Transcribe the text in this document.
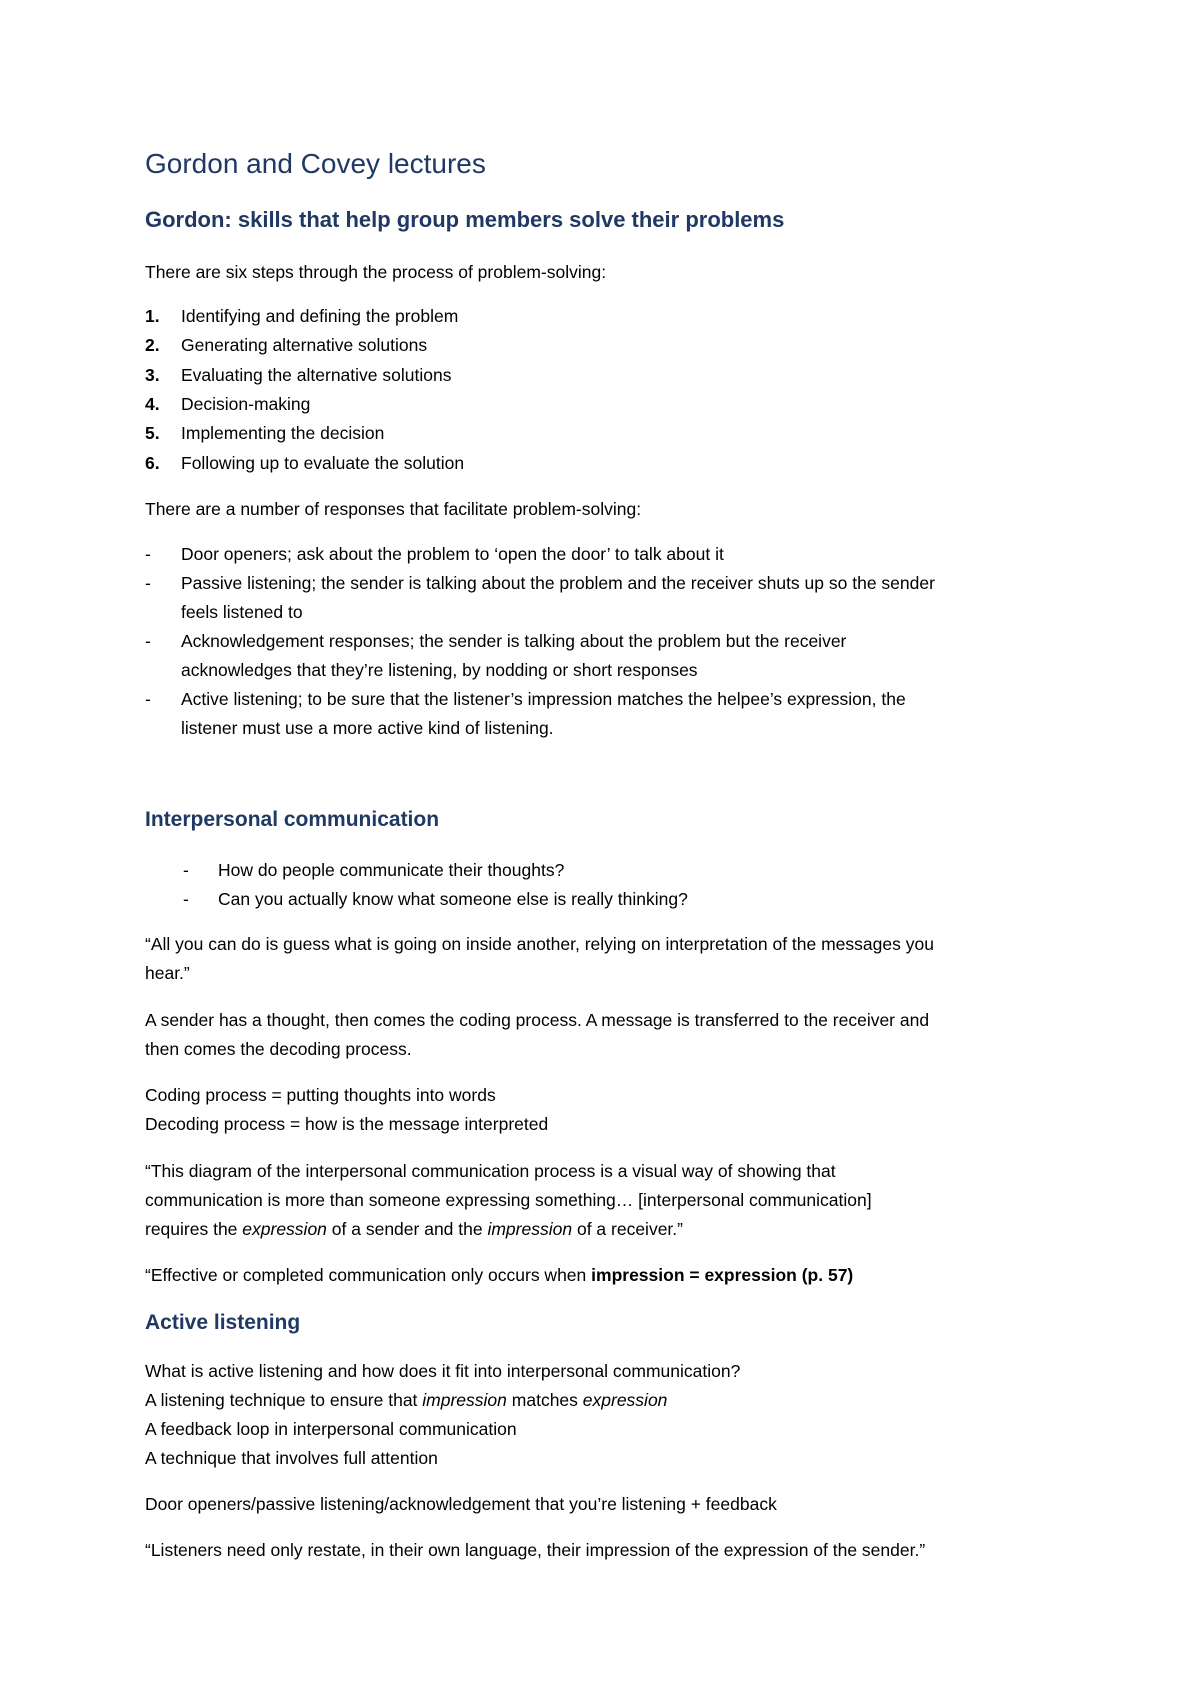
Gordon and Covey lectures
Gordon: skills that help group members solve their problems
There are six steps through the process of problem-solving:
1. Identifying and defining the problem
2. Generating alternative solutions
3. Evaluating the alternative solutions
4. Decision-making
5. Implementing the decision
6. Following up to evaluate the solution
There are a number of responses that facilitate problem-solving:
- Door openers; ask about the problem to ‘open the door’ to talk about it
- Passive listening; the sender is talking about the problem and the receiver shuts up so the sender
feels listened to
- Acknowledgement responses; the sender is talking about the problem but the receiver
acknowledges that they’re listening, by nodding or short responses
- Active listening; to be sure that the listener’s impression matches the helpee’s expression, the
listener must use a more active kind of listening.
Interpersonal communication
- How do people communicate their thoughts?
- Can you actually know what someone else is really thinking?
“All you can do is guess what is going on inside another, relying on interpretation of the messages you
hear.”
A sender has a thought, then comes the coding process. A message is transferred to the receiver and
then comes the decoding process.
Coding process = putting thoughts into words
Decoding process = how is the message interpreted
“This diagram of the interpersonal communication process is a visual way of showing that
communication is more than someone expressing something… [interpersonal communication]
requires the expression of a sender and the impression of a receiver.”
“Effective or completed communication only occurs when impression = expression (p. 57)
Active listening
What is active listening and how does it fit into interpersonal communication?
A listening technique to ensure that impression matches expression
A feedback loop in interpersonal communication
A technique that involves full attention
Door openers/passive listening/acknowledgement that you’re listening + feedback
“Listeners need only restate, in their own language, their impression of the expression of the sender.”
